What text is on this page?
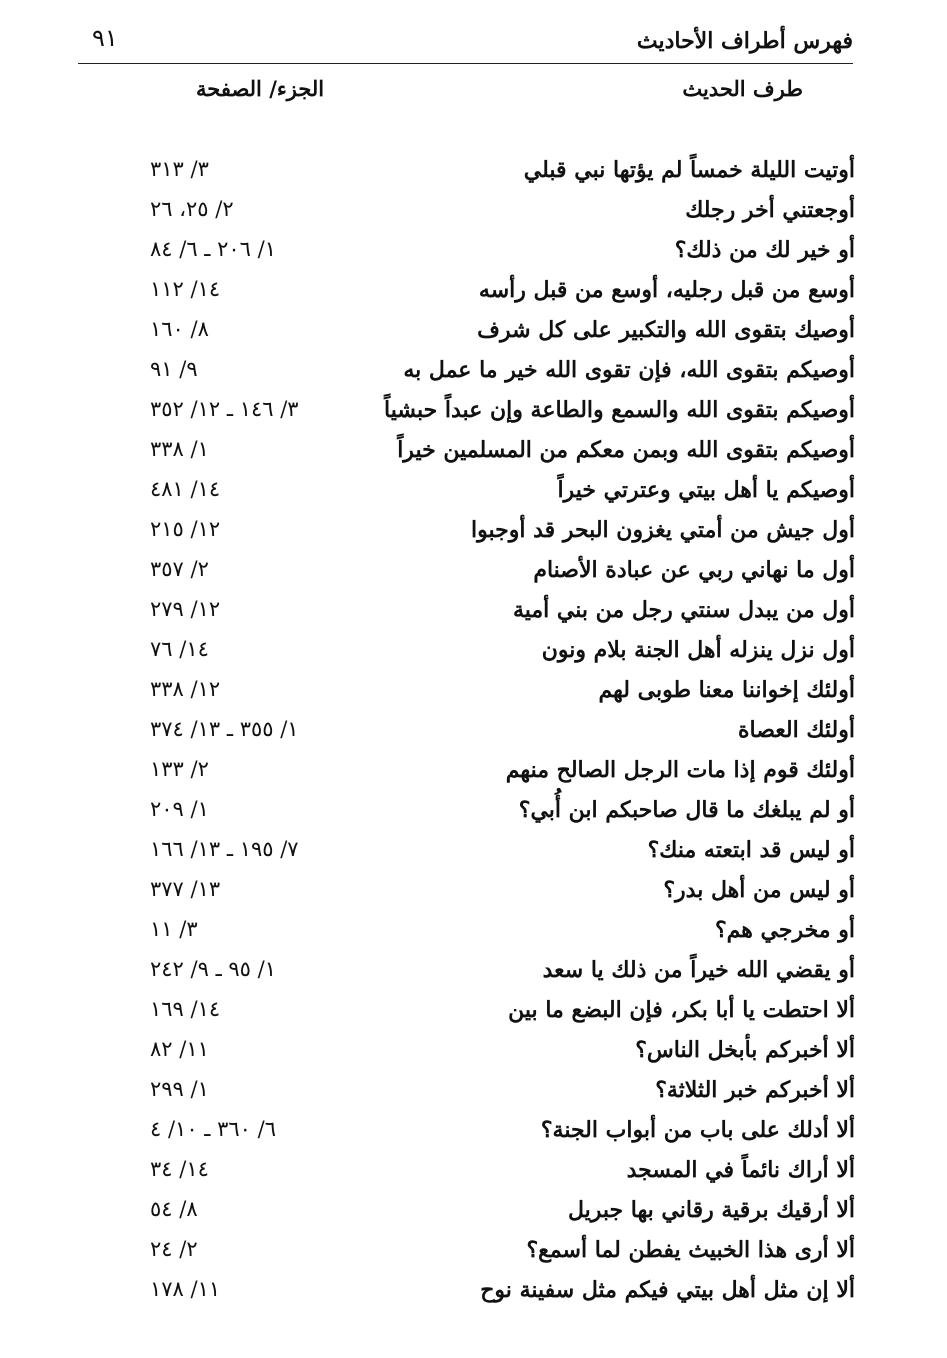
فهرس أطراف الأحاديث
٩١
طرف الحديث
الجزء/ الصفحة
أوتيت الليلة خمساً لم يؤتها نبي قبلي
٣/ ٣١٣
أوجعتني أخر رجلك
٢/ ٢٥، ٢٦
أو خير لك من ذلك؟
١/ ٢٠٦ ـ ٦/ ٨٤
أوسع من قبل رجليه، أوسع من قبل رأسه
١٤/ ١١٢
أوصيك بتقوى الله والتكبير على كل شرف
٨/ ١٦٠
أوصيكم بتقوى الله، فإن تقوى الله خير ما عمل به
٩/ ٩١
أوصيكم بتقوى الله والسمع والطاعة وإن عبداً حبشياً
٣/ ١٤٦ ـ ١٢/ ٣٥٢
أوصيكم بتقوى الله وبمن معكم من المسلمين خيراً
١/ ٣٣٨
أوصيكم يا أهل بيتي وعترتي خيراً
١٤/ ٤٨١
أول جيش من أمتي يغزون البحر قد أوجبوا
١٢/ ٢١٥
أول ما نهاني ربي عن عبادة الأصنام
٢/ ٣٥٧
أول من يبدل سنتي رجل من بني أمية
١٢/ ٢٧٩
أول نزل ينزله أهل الجنة بلام ونون
١٤/ ٧٦
أولئك إخواننا معنا طوبى لهم
١٢/ ٣٣٨
أولئك العصاة
١/ ٣٥٥ ـ ١٣/ ٣٧٤
أولئك قوم إذا مات الرجل الصالح منهم
٢/ ١٣٣
أو لم يبلغك ما قال صاحبكم ابن أُبي؟
١/ ٢٠٩
أو ليس قد ابتعته منك؟
٧/ ١٩٥ ـ ١٣/ ١٦٦
أو ليس من أهل بدر؟
١٣/ ٣٧٧
أو مخرجي هم؟
٣/ ١١
أو يقضي الله خيراً من ذلك يا سعد
١/ ٩٥ ـ ٩/ ٢٤٢
ألا احتطت يا أبا بكر، فإن البضع ما بين
١٤/ ١٦٩
ألا أخبركم بأبخل الناس؟
١١/ ٨٢
ألا أخبركم خبر الثلاثة؟
١/ ٢٩٩
ألا أدلك على باب من أبواب الجنة؟
٦/ ٣٦٠ ـ ١٠/ ٤
ألا أراك نائماً في المسجد
١٤/ ٣٤
ألا أرقيك برقية رقاني بها جبريل
٨/ ٥٤
ألا أرى هذا الخبيث يفطن لما أسمع؟
٢/ ٢٤
ألا إن مثل أهل بيتي فيكم مثل سفينة نوح
١١/ ١٧٨
